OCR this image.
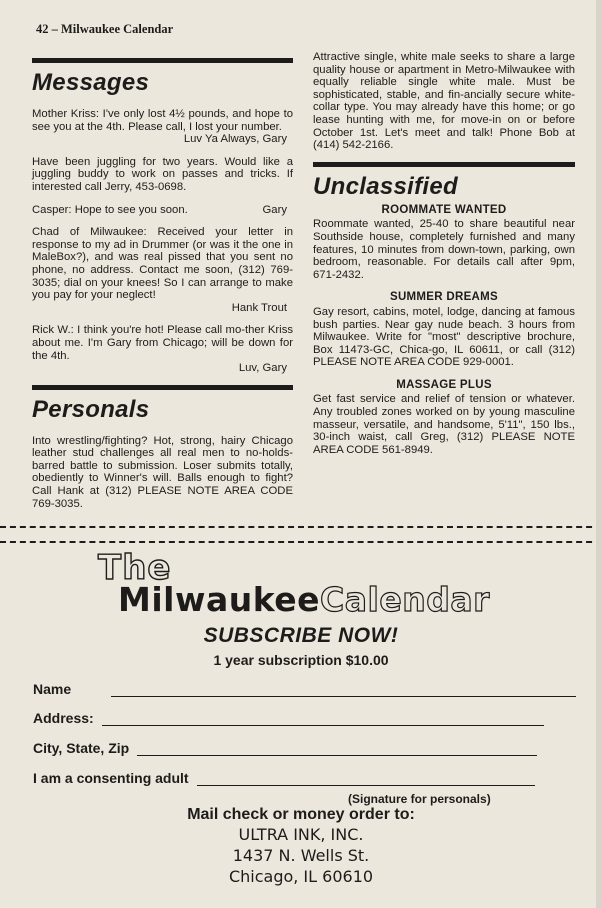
42 – Milwaukee Calendar
Messages

Mother Kriss: I've only lost 4½ pounds, and hope to see you at the 4th. Please call, I lost your number.
Luv Ya Always, Gary

Have been juggling for two years. Would like a juggling buddy to work on passes and tricks. If interested call Jerry, 453-0698.

Casper: Hope to see you soon.	Gary

Chad of Milwaukee: Received your letter in response to my ad in Drummer (or was it the one in MaleBox?), and was real pissed that you sent no phone, no address. Contact me soon, (312) 769-3035; dial on your knees! So I can arrange to make you pay for your neglect!
Hank Trout

Rick W.: I think you're hot! Please call mo-ther Kriss about me. I'm Gary from Chicago; will be down for the 4th.
Luv, Gary

Personals

Into wrestling/fighting? Hot, strong, hairy Chicago leather stud challenges all real men to no-holds-barred battle to submission. Loser submits totally, obediently to Winner's will. Balls enough to fight? Call Hank at (312) PLEASE NOTE AREA CODE 769-3035.

Attractive single, white male seeks to share a large quality house or apartment in Metro-Milwaukee with equally reliable single white male. Must be sophisticated, stable, and fin-ancially secure white-collar type. You may already have this home; or go lease hunting with me, for move-in on or before October 1st. Let's meet and talk! Phone Bob at (414) 542-2166.

Unclassified
ROOMMATE WANTED

Roommate wanted, 25-40 to share beautiful near Southside house, completely furnished and many features, 10 minutes from down-town, parking, own bedroom, reasonable. For details call after 9pm, 671-2432.

SUMMER DREAMS

Gay resort, cabins, motel, lodge, dancing at famous bush parties. Near gay nude beach. 3 hours from Milwaukee. Write for "most" descriptive brochure, Box 11473-GC, Chica-go, IL 60611, or call (312) PLEASE NOTE AREA CODE 929-0001.

MASSAGE PLUS

Get fast service and relief of tension or whatever. Any troubled zones worked on by young masculine masseur, versatile, and handsome, 5'11", 150 lbs., 30-inch waist, call Greg, (312) PLEASE NOTE AREA CODE 561-8949.

The
MilwaukeeCalendar
SUBSCRIBE NOW!
1 year subscription $10.00
Name
Address:
City, State, Zip
I am a consenting adult
(Signature for personals)
Mail check or money order to:
ULTRA INK, INC.
1437 N. Wells St.
Chicago, IL 60610
